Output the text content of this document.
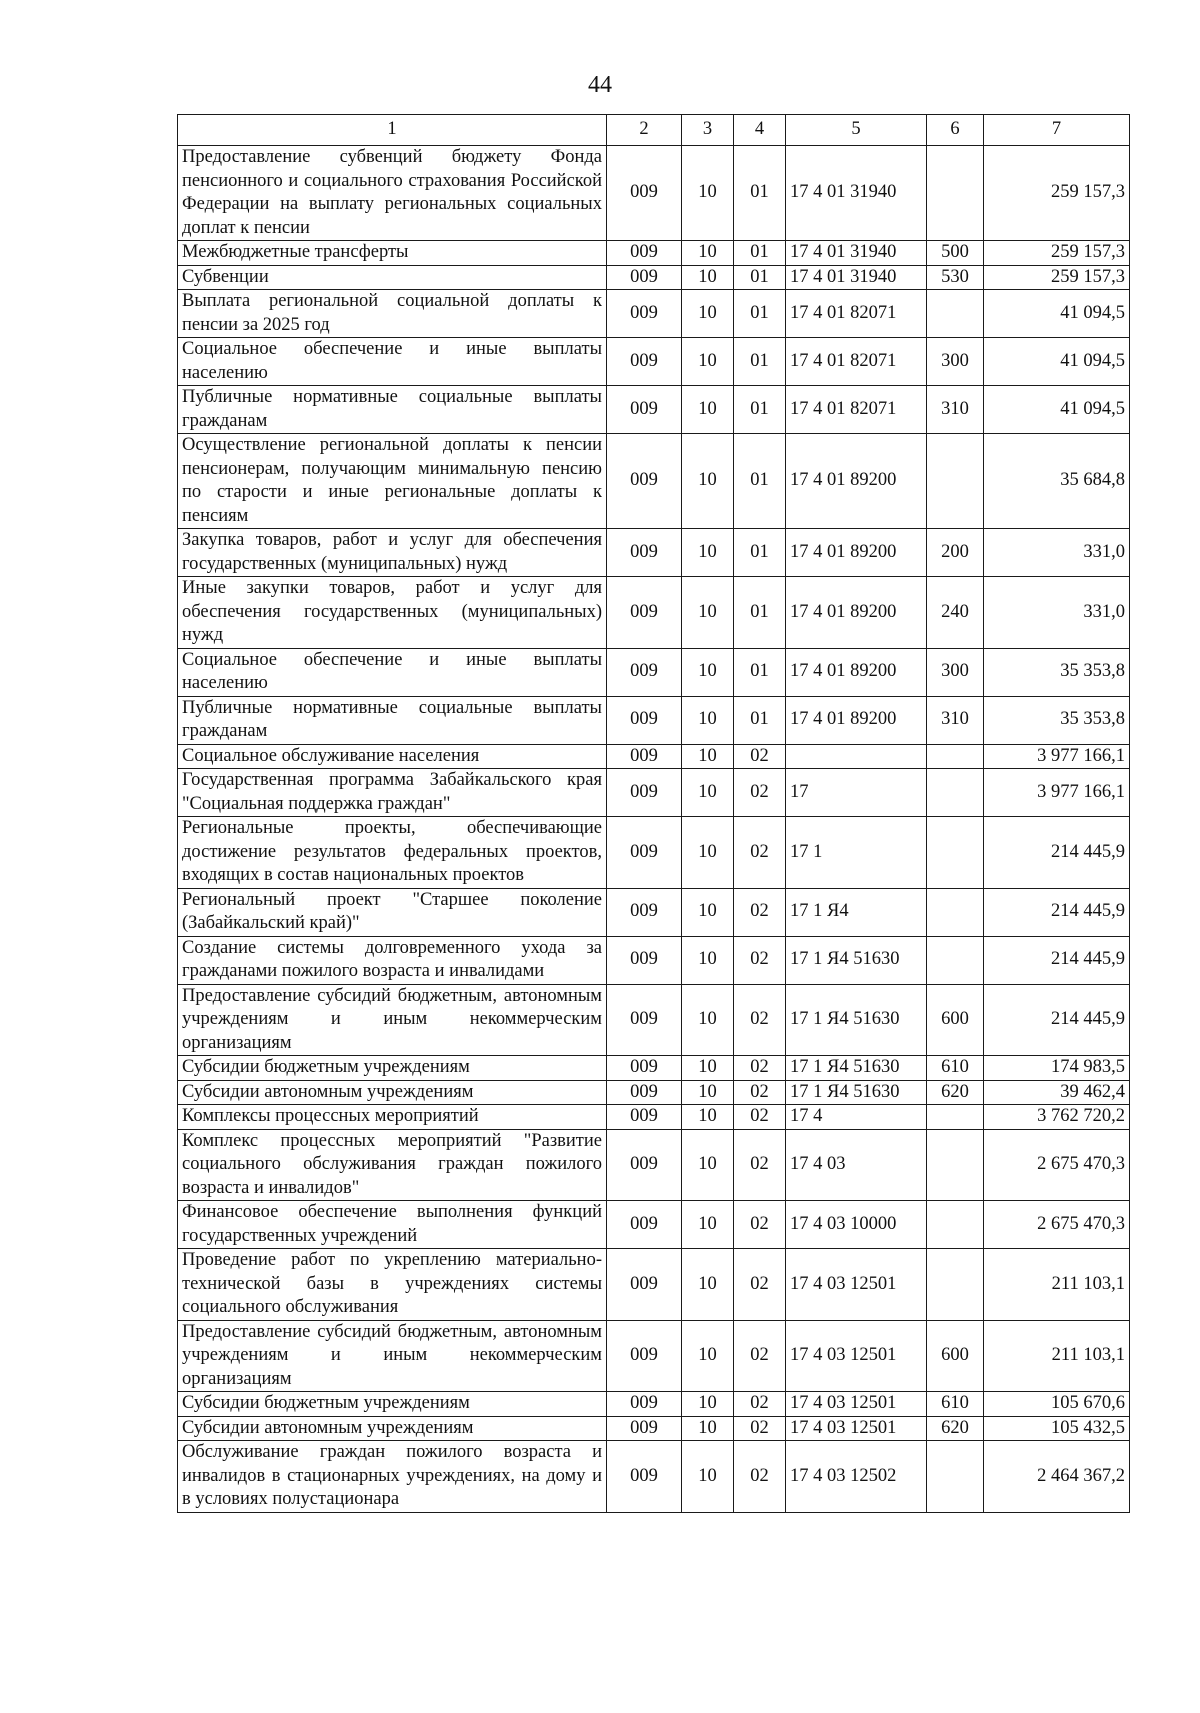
44
1	2	3	4	5	6	7
Предоставление субвенций бюджету Фонда пенсионного и социального страхования Российской Федерации на выплату региональных социальных доплат к пенсии	009	10	01	17 4 01 31940		259 157,3
Межбюджетные трансферты	009	10	01	17 4 01 31940	500	259 157,3
Субвенции	009	10	01	17 4 01 31940	530	259 157,3
Выплата региональной социальной доплаты к пенсии за 2025 год	009	10	01	17 4 01 82071		41 094,5
Социальное обеспечение и иные выплаты населению	009	10	01	17 4 01 82071	300	41 094,5
Публичные нормативные социальные выплаты гражданам	009	10	01	17 4 01 82071	310	41 094,5
Осуществление региональной доплаты к пенсии пенсионерам, получающим минимальную пенсию по старости и иные региональные доплаты к пенсиям	009	10	01	17 4 01 89200		35 684,8
Закупка товаров, работ и услуг для обеспечения государственных (муниципальных) нужд	009	10	01	17 4 01 89200	200	331,0
Иные закупки товаров, работ и услуг для обеспечения государственных (муниципальных) нужд	009	10	01	17 4 01 89200	240	331,0
Социальное обеспечение и иные выплаты населению	009	10	01	17 4 01 89200	300	35 353,8
Публичные нормативные социальные выплаты гражданам	009	10	01	17 4 01 89200	310	35 353,8
Социальное обслуживание населения	009	10	02			3 977 166,1
Государственная программа Забайкальского края "Социальная поддержка граждан"	009	10	02	17		3 977 166,1
Региональные проекты, обеспечивающие достижение результатов федеральных проектов, входящих в состав национальных проектов	009	10	02	17 1		214 445,9
Региональный проект "Старшее поколение (Забайкальский край)"	009	10	02	17 1 Я4		214 445,9
Создание системы долговременного ухода за гражданами пожилого возраста и инвалидами	009	10	02	17 1 Я4 51630		214 445,9
Предоставление субсидий бюджетным, автономным учреждениям и иным некоммерческим организациям	009	10	02	17 1 Я4 51630	600	214 445,9
Субсидии бюджетным учреждениям	009	10	02	17 1 Я4 51630	610	174 983,5
Субсидии автономным учреждениям	009	10	02	17 1 Я4 51630	620	39 462,4
Комплексы процессных мероприятий	009	10	02	17 4		3 762 720,2
Комплекс процессных мероприятий "Развитие социального обслуживания граждан пожилого возраста и инвалидов"	009	10	02	17 4 03		2 675 470,3
Финансовое обеспечение выполнения функций государственных учреждений	009	10	02	17 4 03 10000		2 675 470,3
Проведение работ по укреплению материально-технической базы в учреждениях системы социального обслуживания	009	10	02	17 4 03 12501		211 103,1
Предоставление субсидий бюджетным, автономным учреждениям и иным некоммерческим организациям	009	10	02	17 4 03 12501	600	211 103,1
Субсидии бюджетным учреждениям	009	10	02	17 4 03 12501	610	105 670,6
Субсидии автономным учреждениям	009	10	02	17 4 03 12501	620	105 432,5
Обслуживание граждан пожилого возраста и инвалидов в стационарных учреждениях, на дому и в условиях полустационара	009	10	02	17 4 03 12502		2 464 367,2
